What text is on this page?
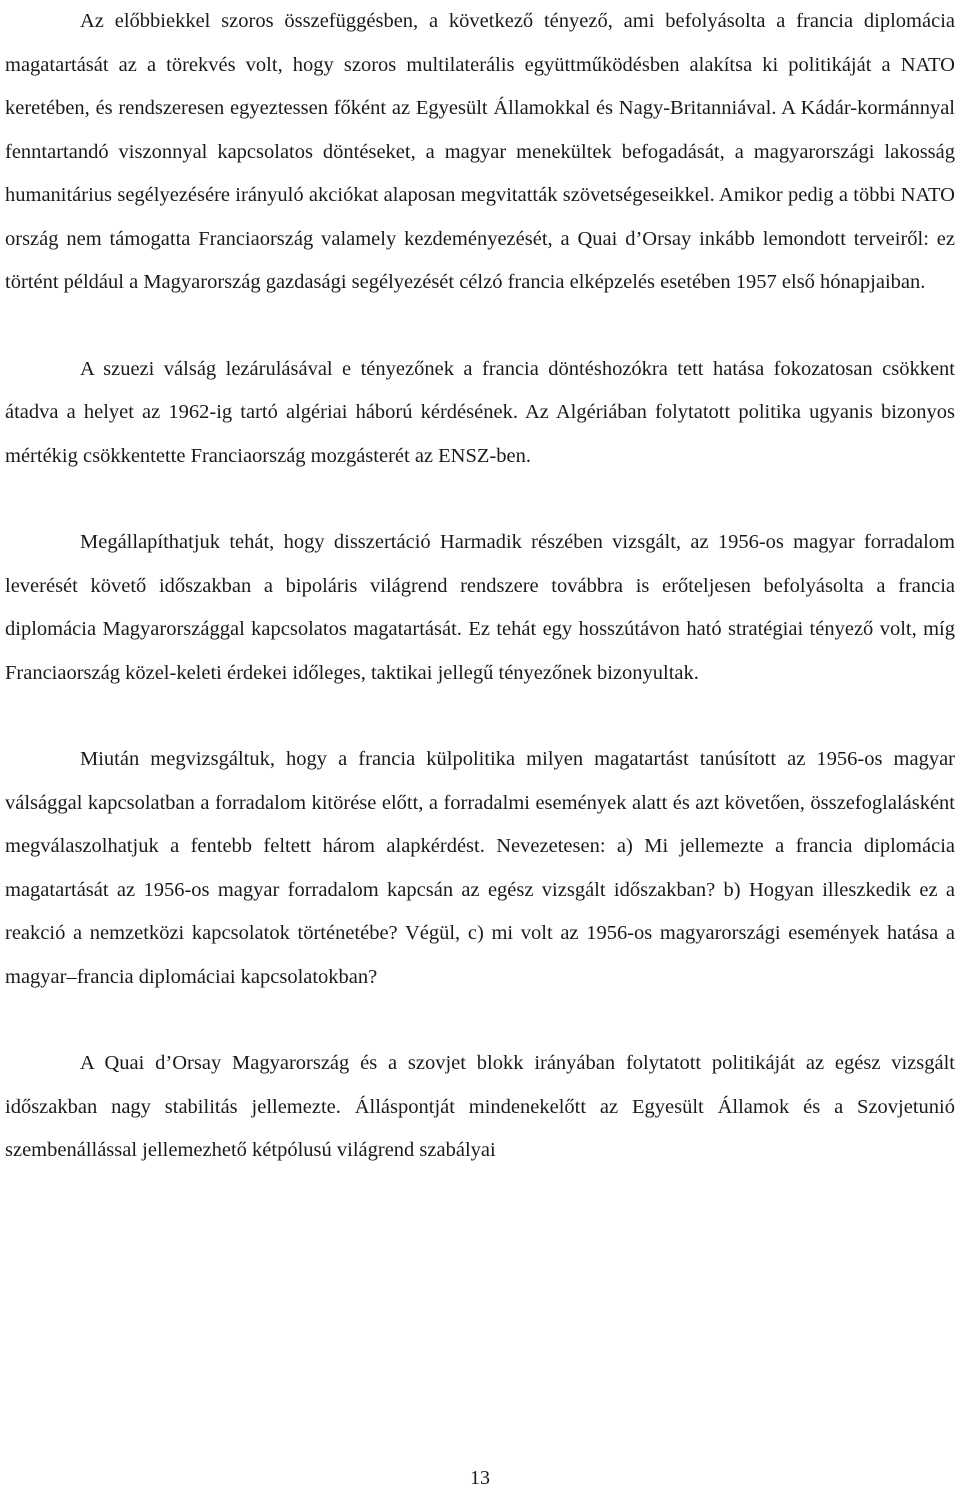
Az előbbiekkel szoros összefüggésben, a következő tényező, ami befolyásolta a francia diplomácia magatartását az a törekvés volt, hogy szoros multilaterális együttműködésben alakítsa ki politikáját a NATO keretében, és rendszeresen egyeztessen főként az Egyesült Államokkal és Nagy-Britanniával. A Kádár-kormánnyal fenntartandó viszonnyal kapcsolatos döntéseket, a magyar menekültek befogadását, a magyarországi lakosság humanitárius segélyezésére irányuló akciókat alaposan megvitatták szövetségeseikkel. Amikor pedig a többi NATO ország nem támogatta Franciaország valamely kezdeményezését, a Quai d’Orsay inkább lemondott terveiről: ez történt például a Magyarország gazdasági segélyezését célzó francia elképzelés esetében 1957 első hónapjaiban.

A szuezi válság lezárulásával e tényezőnek a francia döntéshozókra tett hatása fokozatosan csökkent átadva a helyet az 1962-ig tartó algériai háború kérdésének. Az Algériában folytatott politika ugyanis bizonyos mértékig csökkentette Franciaország mozgásterét az ENSZ-ben.

Megállapíthatjuk tehát, hogy disszertáció Harmadik részében vizsgált, az 1956-os magyar forradalom leverését követő időszakban a bipoláris világrend rendszere továbbra is erőteljesen befolyásolta a francia diplomácia Magyarországgal kapcsolatos magatartását. Ez tehát egy hosszútávon ható stratégiai tényező volt, míg Franciaország közel-keleti érdekei időleges, taktikai jellegű tényezőnek bizonyultak.

Miután megvizsgáltuk, hogy a francia külpolitika milyen magatartást tanúsított az 1956-os magyar válsággal kapcsolatban a forradalom kitörése előtt, a forradalmi események alatt és azt követően, összefoglalásként megválaszolhatjuk a fentebb feltett három alapkérdést. Nevezetesen: a) Mi jellemezte a francia diplomácia magatartását az 1956-os magyar forradalom kapcsán az egész vizsgált időszakban? b) Hogyan illeszkedik ez a reakció a nemzetközi kapcsolatok történetébe? Végül, c) mi volt az 1956-os magyarországi események hatása a magyar–francia diplomáciai kapcsolatokban?

A Quai d’Orsay Magyarország és a szovjet blokk irányában folytatott politikáját az egész vizsgált időszakban nagy stabilitás jellemezte. Álláspontját mindenekelőtt az Egyesült Államok és a Szovjetunió szembenállással jellemezhető kétpólusú világrend szabályai

13
